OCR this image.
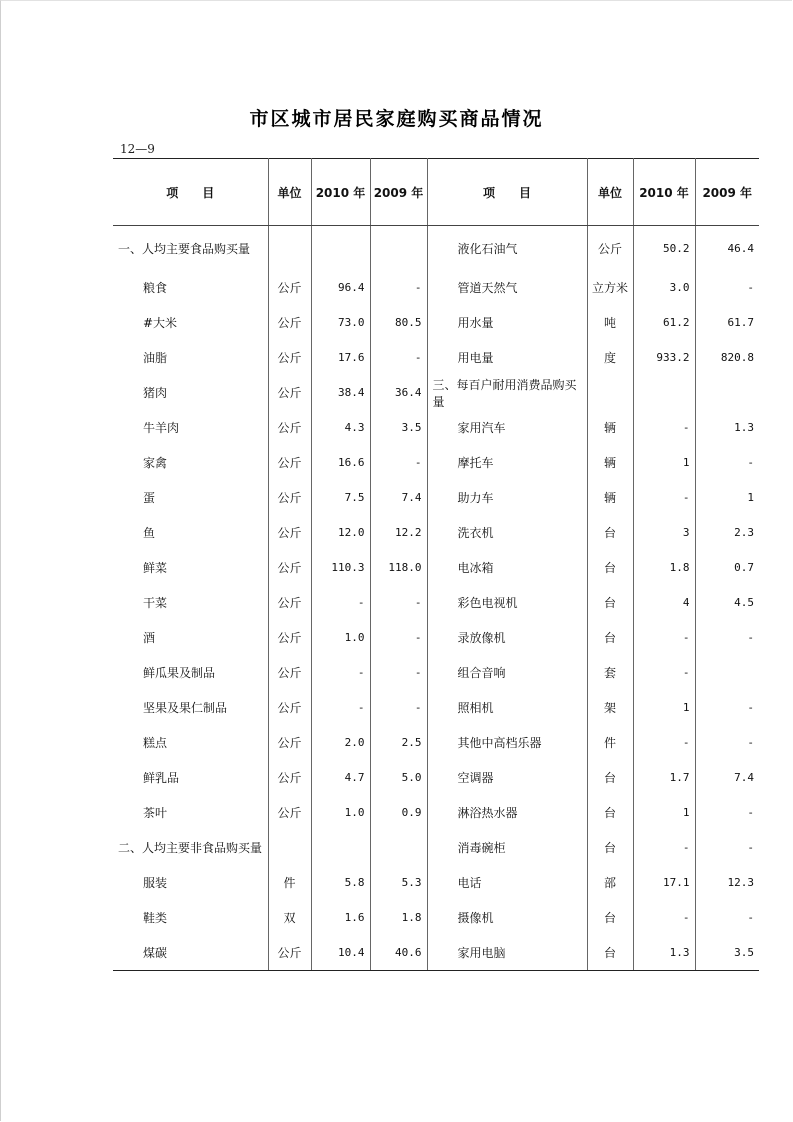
市区城市居民家庭购买商品情况
12—9
项　　目	单位	2010 年	2009 年	项　　目	单位	2010 年	2009 年
一、人均主要食品购买量				液化石油气	公斤	50.2	46.4
粮食	公斤	96.4	-	管道天然气	立方米	3.0	-
#大米	公斤	73.0	80.5	用水量	吨	61.2	61.7
油脂	公斤	17.6	-	用电量	度	933.2	820.8
猪肉	公斤	38.4	36.4	三、每百户耐用消费品购买量			
牛羊肉	公斤	4.3	3.5	家用汽车	辆	-	1.3
家禽	公斤	16.6	-	摩托车	辆	1	-
蛋	公斤	7.5	7.4	助力车	辆	-	1
鱼	公斤	12.0	12.2	洗衣机	台	3	2.3
鲜菜	公斤	110.3	118.0	电冰箱	台	1.8	0.7
干菜	公斤	-	-	彩色电视机	台	4	4.5
酒	公斤	1.0	-	录放像机	台	-	-
鲜瓜果及制品	公斤	-	-	组合音响	套	-	
坚果及果仁制品	公斤	-	-	照相机	架	1	-
糕点	公斤	2.0	2.5	其他中高档乐器	件	-	-
鲜乳品	公斤	4.7	5.0	空调器	台	1.7	7.4
茶叶	公斤	1.0	0.9	淋浴热水器	台	1	-
二、人均主要非食品购买量				消毒碗柜	台	-	-
服装	件	5.8	5.3	电话	部	17.1	12.3
鞋类	双	1.6	1.8	摄像机	台	-	-
煤碳	公斤	10.4	40.6	家用电脑	台	1.3	3.5
